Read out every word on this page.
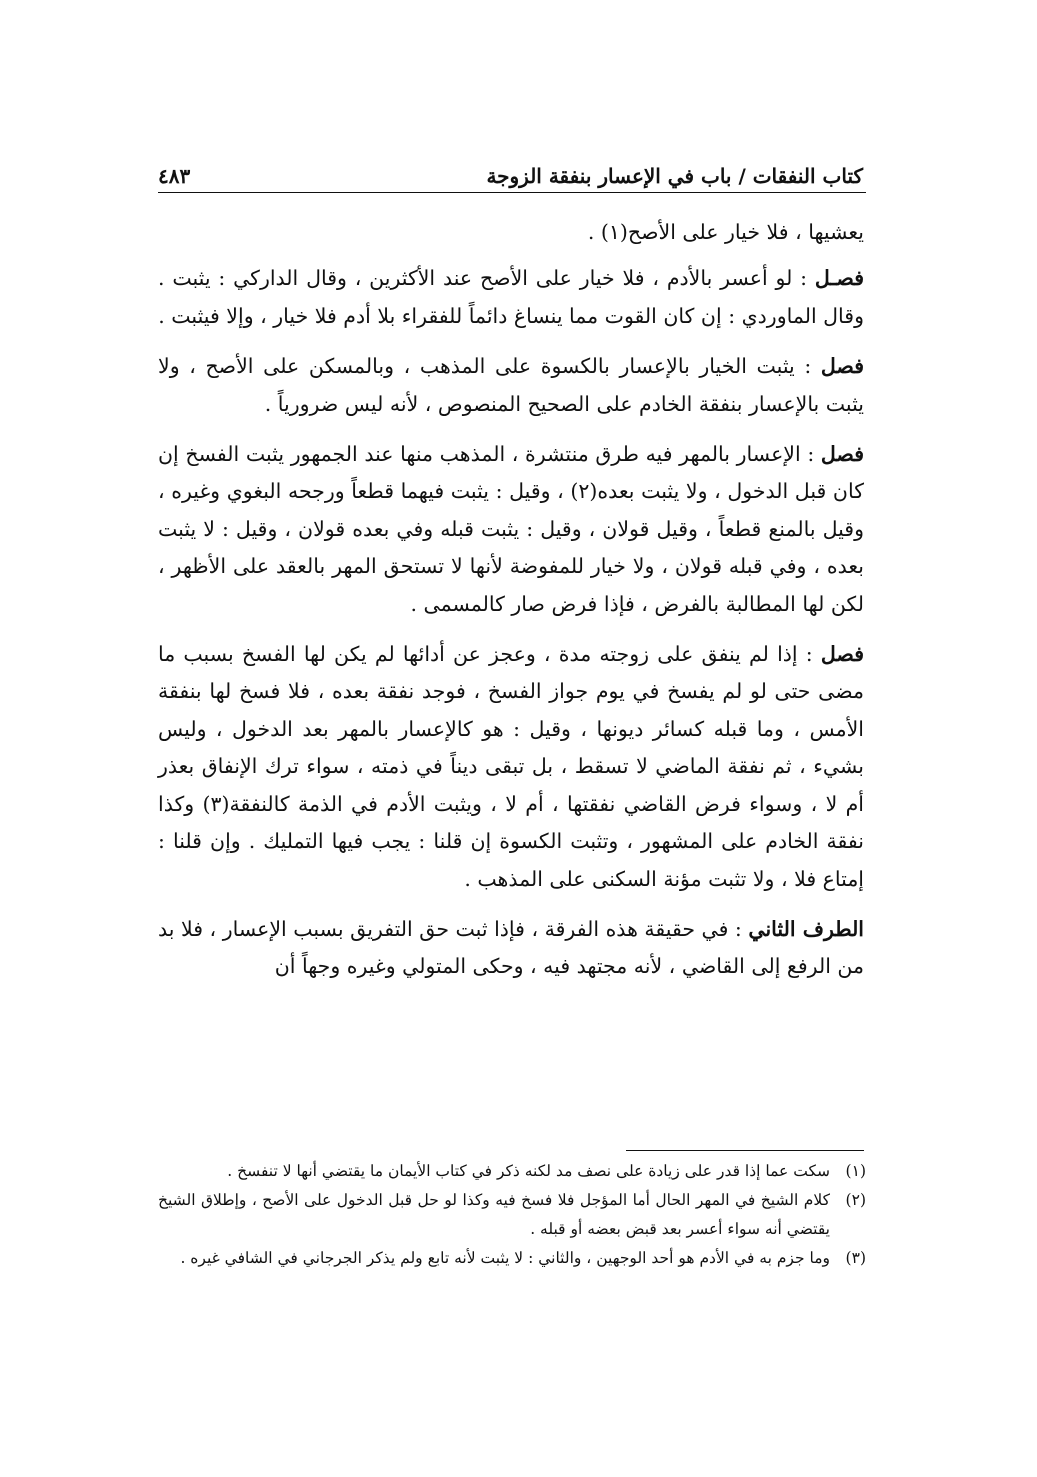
كتاب النفقات / باب في الإعسار بنفقة الزوجة
٤٨٣

يعشيها ، فلا خيار على الأصح(١) .

فصـل : لو أعسر بالأدم ، فلا خيار على الأصح عند الأكثرين ، وقال الداركي : يثبت . وقال الماوردي : إن كان القوت مما ينساغ دائماً للفقراء بلا أدم فلا خيار ، وإلا فيثبت .

فصل : يثبت الخيار بالإعسار بالكسوة على المذهب ، وبالمسكن على الأصح ، ولا يثبت بالإعسار بنفقة الخادم على الصحيح المنصوص ، لأنه ليس ضرورياً .

فصل : الإعسار بالمهر فيه طرق منتشرة ، المذهب منها عند الجمهور يثبت الفسخ إن كان قبل الدخول ، ولا يثبت بعده(٢) ، وقيل : يثبت فيهما قطعاً ورجحه البغوي وغيره ، وقيل بالمنع قطعاً ، وقيل قولان ، وقيل : يثبت قبله وفي بعده قولان ، وقيل : لا يثبت بعده ، وفي قبله قولان ، ولا خيار للمفوضة لأنها لا تستحق المهر بالعقد على الأظهر ، لكن لها المطالبة بالفرض ، فإذا فرض صار كالمسمى .

فصل : إذا لم ينفق على زوجته مدة ، وعجز عن أدائها لم يكن لها الفسخ بسبب ما مضى حتى لو لم يفسخ في يوم جواز الفسخ ، فوجد نفقة بعده ، فلا فسخ لها بنفقة الأمس ، وما قبله كسائر ديونها ، وقيل : هو كالإعسار بالمهر بعد الدخول ، وليس بشيء ، ثم نفقة الماضي لا تسقط ، بل تبقى ديناً في ذمته ، سواء ترك الإنفاق بعذر أم لا ، وسواء فرض القاضي نفقتها ، أم لا ، ويثبت الأدم في الذمة كالنفقة(٣) وكذا نفقة الخادم على المشهور ، وتثبت الكسوة إن قلنا : يجب فيها التمليك . وإن قلنا : إمتاع فلا ، ولا تثبت مؤنة السكنى على المذهب .

الطرف الثاني : في حقيقة هذه الفرقة ، فإذا ثبت حق التفريق بسبب الإعسار ، فلا بد من الرفع إلى القاضي ، لأنه مجتهد فيه ، وحكى المتولي وغيره وجهاً أن

(١)
سكت عما إذا قدر على زيادة على نصف مد لكنه ذكر في كتاب الأيمان ما يقتضي أنها لا تنفسخ .

(٢)
كلام الشيخ في المهر الحال أما المؤجل فلا فسخ فيه وكذا لو حل قبل الدخول على الأصح ، وإطلاق الشيخ يقتضي أنه سواء أعسر بعد قبض بعضه أو قبله .

(٣)
وما جزم به في الأدم هو أحد الوجهين ، والثاني : لا يثبت لأنه تابع ولم يذكر الجرجاني في الشافي غيره .
